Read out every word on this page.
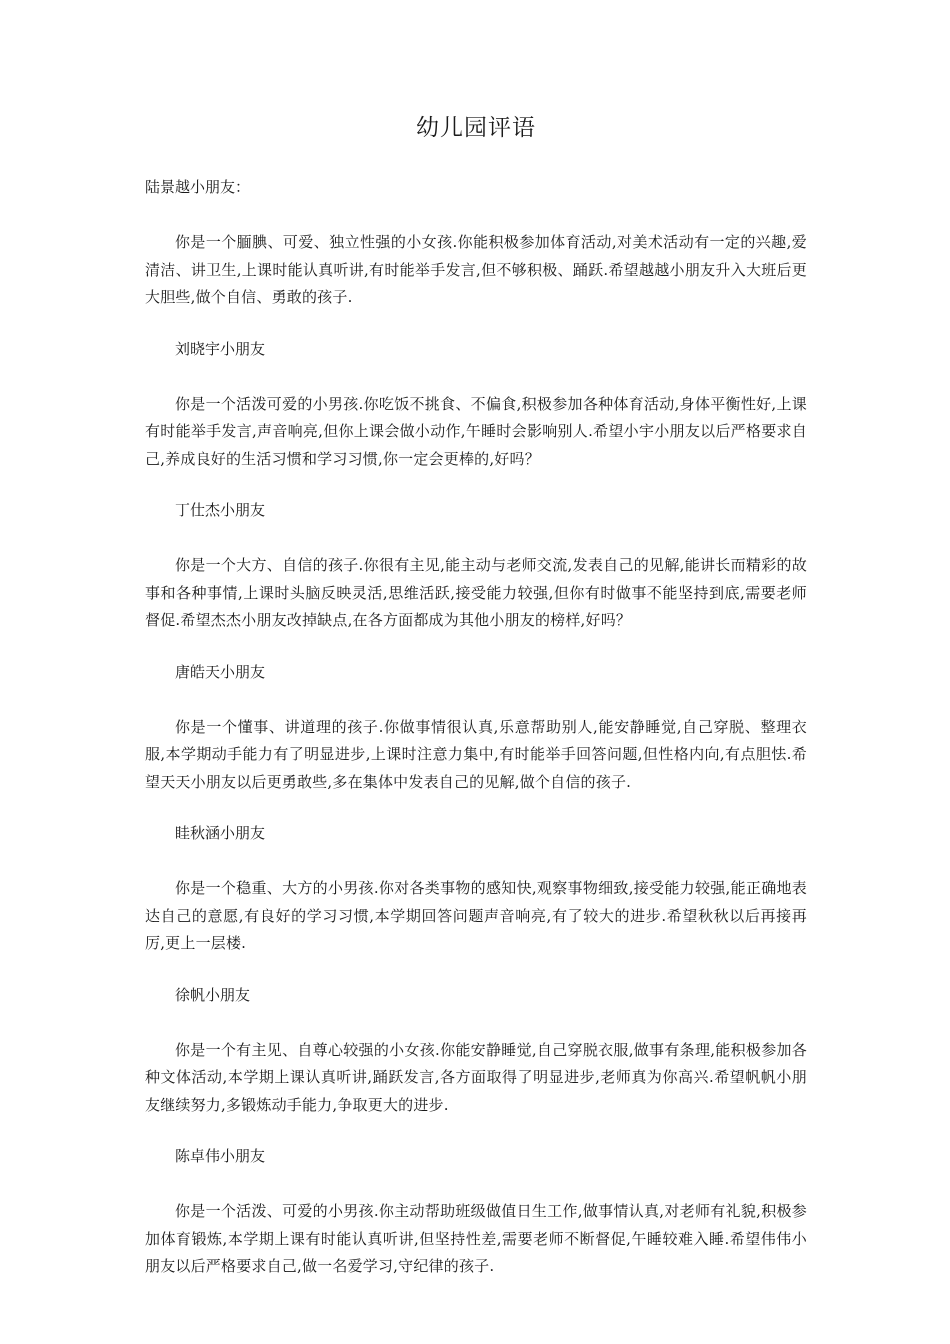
幼儿园评语
陆景越小朋友：

你是一个腼腆、可爱、独立性强的小女孩.你能积极参加体育活动,对美术活动有一定的兴趣,爱清洁、讲卫生,上课时能认真听讲,有时能举手发言,但不够积极、踊跃.希望越越小朋友升入大班后更大胆些,做个自信、勇敢的孩子.

刘晓宇小朋友

你是一个活泼可爱的小男孩.你吃饭不挑食、不偏食,积极参加各种体育活动,身体平衡性好,上课有时能举手发言,声音响亮,但你上课会做小动作,午睡时会影响别人.希望小宇小朋友以后严格要求自己,养成良好的生活习惯和学习习惯,你一定会更棒的,好吗？

丁仕杰小朋友

你是一个大方、自信的孩子.你很有主见,能主动与老师交流,发表自己的见解,能讲长而精彩的故事和各种事情,上课时头脑反映灵活,思维活跃,接受能力较强,但你有时做事不能坚持到底,需要老师督促.希望杰杰小朋友改掉缺点,在各方面都成为其他小朋友的榜样,好吗？

唐皓天小朋友

你是一个懂事、讲道理的孩子.你做事情很认真,乐意帮助别人,能安静睡觉,自己穿脱、整理衣服,本学期动手能力有了明显进步,上课时注意力集中,有时能举手回答问题,但性格内向,有点胆怯.希望天天小朋友以后更勇敢些,多在集体中发表自己的见解,做个自信的孩子.

眭秋涵小朋友

你是一个稳重、大方的小男孩.你对各类事物的感知快,观察事物细致,接受能力较强,能正确地表达自己的意愿,有良好的学习习惯,本学期回答问题声音响亮,有了较大的进步.希望秋秋以后再接再厉,更上一层楼.

徐帆小朋友

你是一个有主见、自尊心较强的小女孩.你能安静睡觉,自己穿脱衣服,做事有条理,能积极参加各种文体活动,本学期上课认真听讲,踊跃发言,各方面取得了明显进步,老师真为你高兴.希望帆帆小朋友继续努力,多锻炼动手能力,争取更大的进步.

陈卓伟小朋友

你是一个活泼、可爱的小男孩.你主动帮助班级做值日生工作,做事情认真,对老师有礼貌,积极参加体育锻炼,本学期上课有时能认真听讲,但坚持性差,需要老师不断督促,午睡较难入睡.希望伟伟小朋友以后严格要求自己,做一名爱学习,守纪律的孩子.
